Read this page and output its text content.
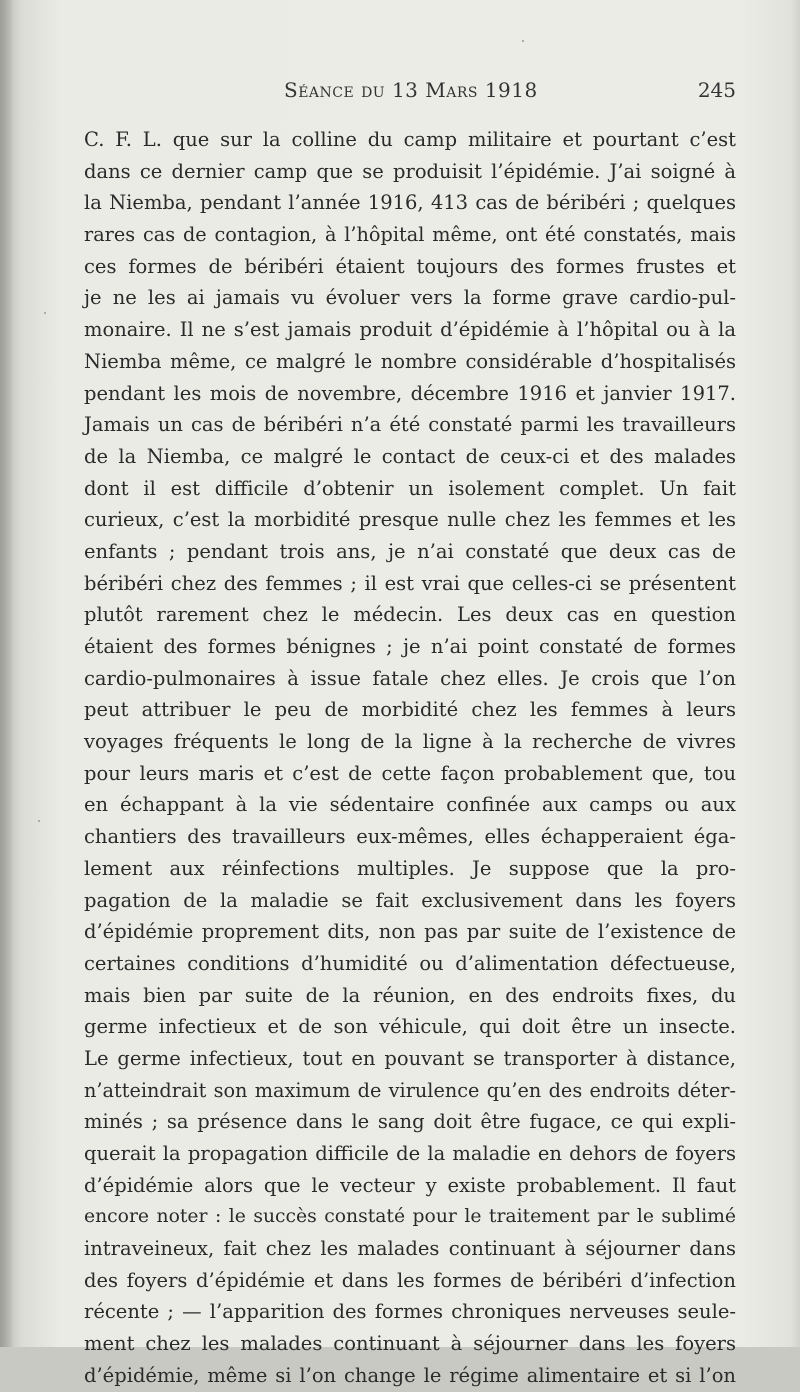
Séance du 13 Mars 1918	245
C. F. L. que sur la colline du camp militaire et pourtant c’est
dans ce dernier camp que se produisit l’épidémie. J’ai soigné à
la Niemba, pendant l’année 1916, 413 cas de béribéri ; quelques
rares cas de contagion, à l’hôpital même, ont été constatés, mais
ces formes de béribéri étaient toujours des formes frustes et
je ne les ai jamais vu évoluer vers la forme grave cardio-pul-
monaire. Il ne s’est jamais produit d’épidémie à l’hôpital ou à la
Niemba même, ce malgré le nombre considérable d’hospitalisés
pendant les mois de novembre, décembre 1916 et janvier 1917.
Jamais un cas de béribéri n’a été constaté parmi les travailleurs
de la Niemba, ce malgré le contact de ceux-ci et des malades
dont il est difficile d’obtenir un isolement complet. Un fait
curieux, c’est la morbidité presque nulle chez les femmes et les
enfants ; pendant trois ans, je n’ai constaté que deux cas de
béribéri chez des femmes ; il est vrai que celles-ci se présentent
plutôt rarement chez le médecin. Les deux cas en question
étaient des formes bénignes ; je n’ai point constaté de formes
cardio-pulmonaires à issue fatale chez elles. Je crois que l’on
peut attribuer le peu de morbidité chez les femmes à leurs
voyages fréquents le long de la ligne à la recherche de vivres
pour leurs maris et c’est de cette façon probablement que, tou
en échappant à la vie sédentaire confinée aux camps ou aux
chantiers des travailleurs eux-mêmes, elles échapperaient éga-
lement aux réinfections multiples. Je suppose que la pro-
pagation de la maladie se fait exclusivement dans les foyers
d’épidémie proprement dits, non pas par suite de l’existence de
certaines conditions d’humidité ou d’alimentation défectueuse,
mais bien par suite de la réunion, en des endroits fixes, du
germe infectieux et de son véhicule, qui doit être un insecte.
Le germe infectieux, tout en pouvant se transporter à distance,
n’atteindrait son maximum de virulence qu’en des endroits déter-
minés ; sa présence dans le sang doit être fugace, ce qui expli-
querait la propagation difficile de la maladie en dehors de foyers
d’épidémie alors que le vecteur y existe probablement. Il faut
encore noter : le succès constaté pour le traitement par le sublimé
intraveineux, fait chez les malades continuant à séjourner dans
des foyers d’épidémie et dans les formes de béribéri d’infection
récente ; — l’apparition des formes chroniques nerveuses seule-
ment chez les malades continuant à séjourner dans les foyers
d’épidémie, même si l’on change le régime alimentaire et si l’on
